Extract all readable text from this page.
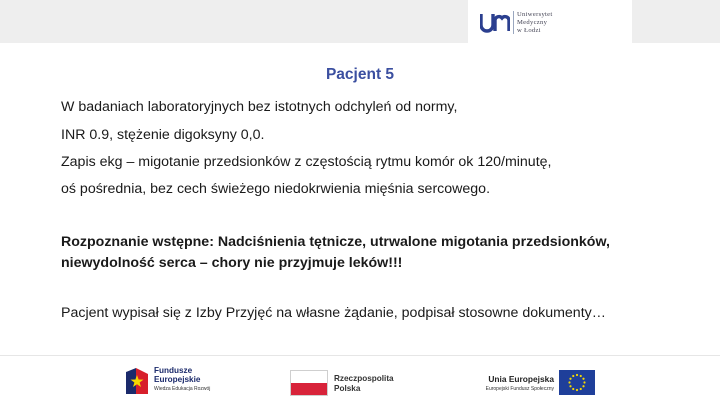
Uniwersytet
Medyczny
w Łodzi
Pacjent 5
W badaniach laboratoryjnych bez istotnych odchyleń od normy,
INR 0.9, stężenie digoksyny 0,0.
Zapis ekg – migotanie przedsionków z częstością rytmu komór ok 120/minutę,
oś pośrednia, bez cech świeżego niedokrwienia mięśnia sercowego.
Rozpoznanie wstępne: Nadciśnienia tętnicze, utrwalone migotania przedsionków,
niewydolność serca – chory nie przyjmuje leków!!!
Pacjent wypisał się z Izby Przyjęć na własne żądanie, podpisał stosowne dokumenty…
Fundusze
Europejskie
Wiedza Edukacja Rozwój
Rzeczpospolita
Polska
Unia Europejska
Europejski Fundusz Społeczny
